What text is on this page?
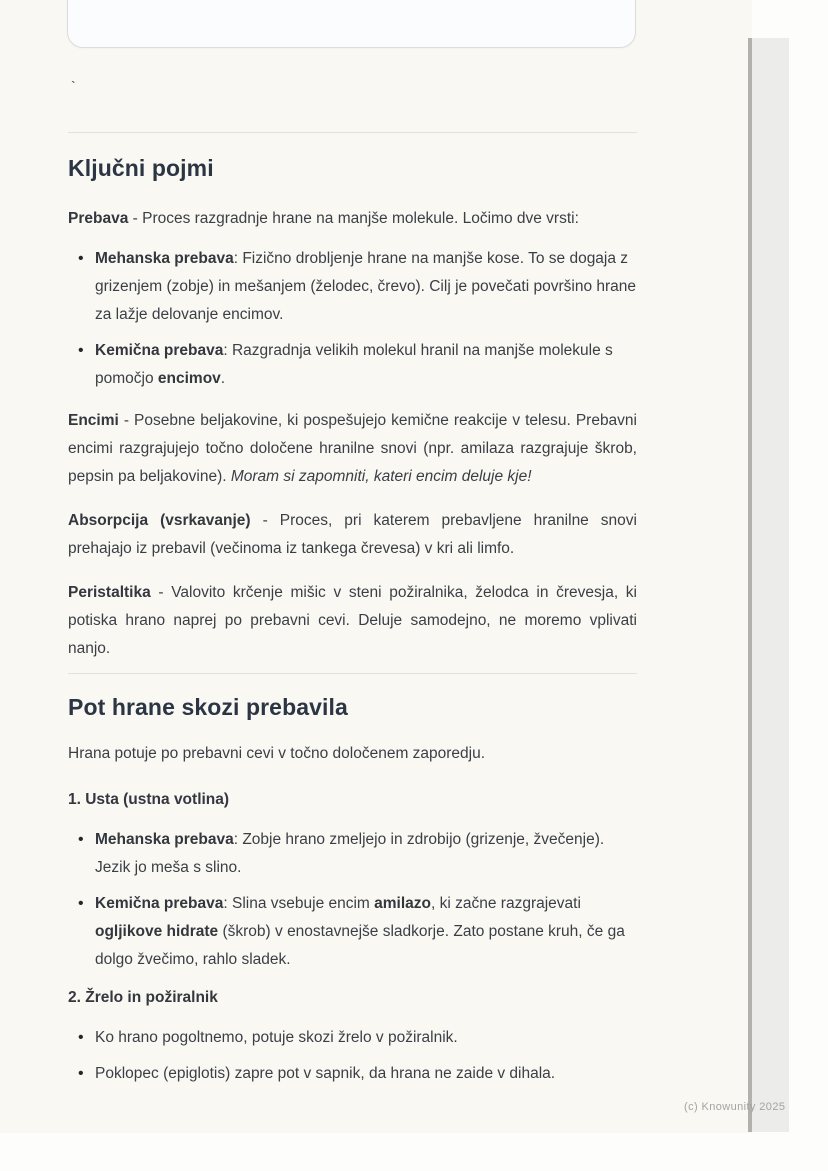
`
Ključni pojmi

Prebava - Proces razgradnje hrane na manjše molekule. Ločimo dve vrsti:

• Mehanska prebava: Fizično drobljenje hrane na manjše kose. To se dogaja z grizenjem (zobje) in mešanjem (želodec, črevo). Cilj je povečati površino hrane za lažje delovanje encimov.
• Kemična prebava: Razgradnja velikih molekul hranil na manjše molekule s pomočjo encimov.

Encimi - Posebne beljakovine, ki pospešujejo kemične reakcije v telesu. Prebavni encimi razgrajujejo točno določene hranilne snovi (npr. amilaza razgrajuje škrob, pepsin pa beljakovine). Moram si zapomniti, kateri encim deluje kje!

Absorpcija (vsrkavanje) - Proces, pri katerem prebavljene hranilne snovi prehajajo iz prebavil (večinoma iz tankega črevesa) v kri ali limfo.

Peristaltika - Valovito krčenje mišic v steni požiralnika, želodca in črevesja, ki potiska hrano naprej po prebavni cevi. Deluje samodejno, ne moremo vplivati nanjo.

Pot hrane skozi prebavila

Hrana potuje po prebavni cevi v točno določenem zaporedju.

1. Usta (ustna votlina)

• Mehanska prebava: Zobje hrano zmeljejo in zdrobijo (grizenje, žvečenje). Jezik jo meša s slino.
• Kemična prebava: Slina vsebuje encim amilazo, ki začne razgrajevati ogljikove hidrate (škrob) v enostavnejše sladkorje. Zato postane kruh, če ga dolgo žvečimo, rahlo sladek.

2. Žrelo in požiralnik

• Ko hrano pogoltnemo, potuje skozi žrelo v požiralnik.
• Poklopec (epiglotis) zapre pot v sapnik, da hrana ne zaide v dihala.
(c) Knowunity 2025
